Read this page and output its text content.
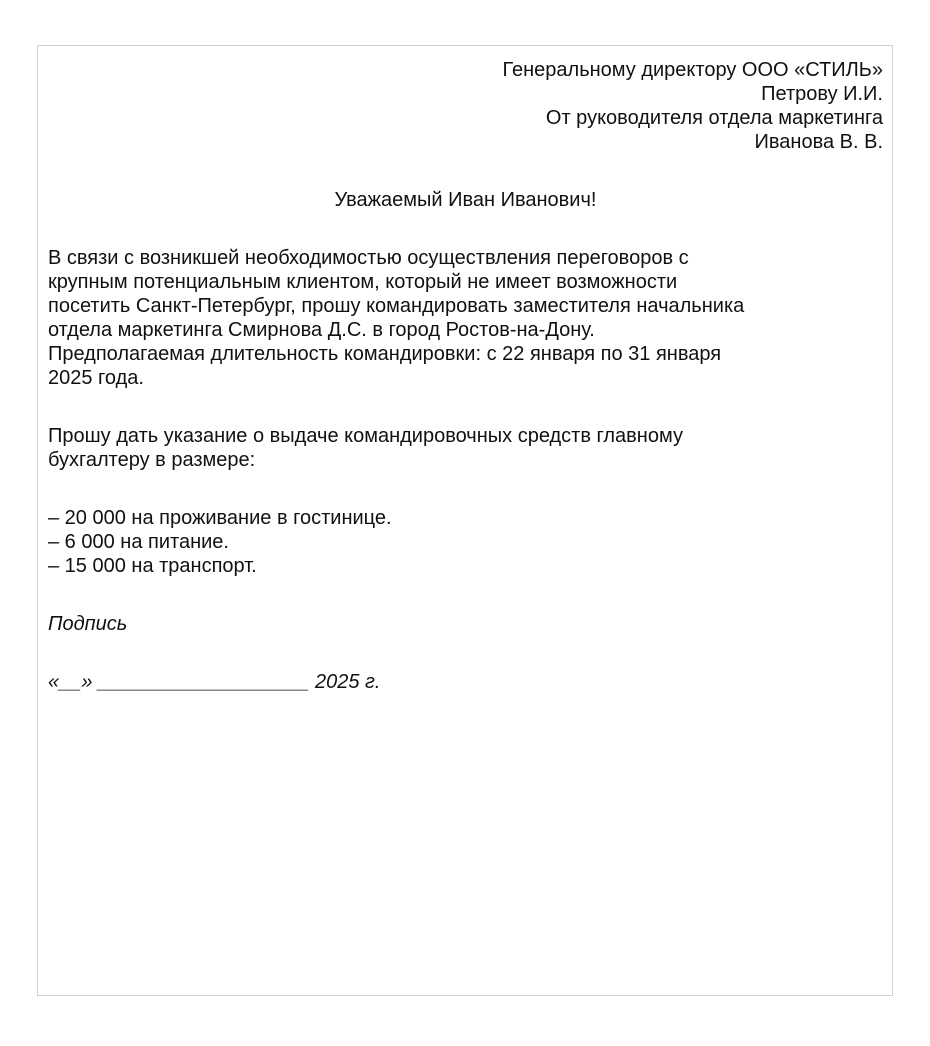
Генеральному директору ООО «СТИЛЬ»
Петрову И.И.
От руководителя отдела маркетинга
Иванова В. В.
Уважаемый Иван Иванович!
В связи с возникшей необходимостью осуществления переговоров с
крупным потенциальным клиентом, который не имеет возможности
посетить Санкт-Петербург, прошу командировать заместителя начальника
отдела маркетинга Смирнова Д.С. в город Ростов-на-Дону.
Предполагаемая длительность командировки: с 22 января по 31 января
2025 года.
Прошу дать указание о выдаче командировочных средств главному
бухгалтеру в размере:
– 20 000 на проживание в гостинице.
– 6 000 на питание.
– 15 000 на транспорт.
Подпись
«__» ___________________ 2025 г.
